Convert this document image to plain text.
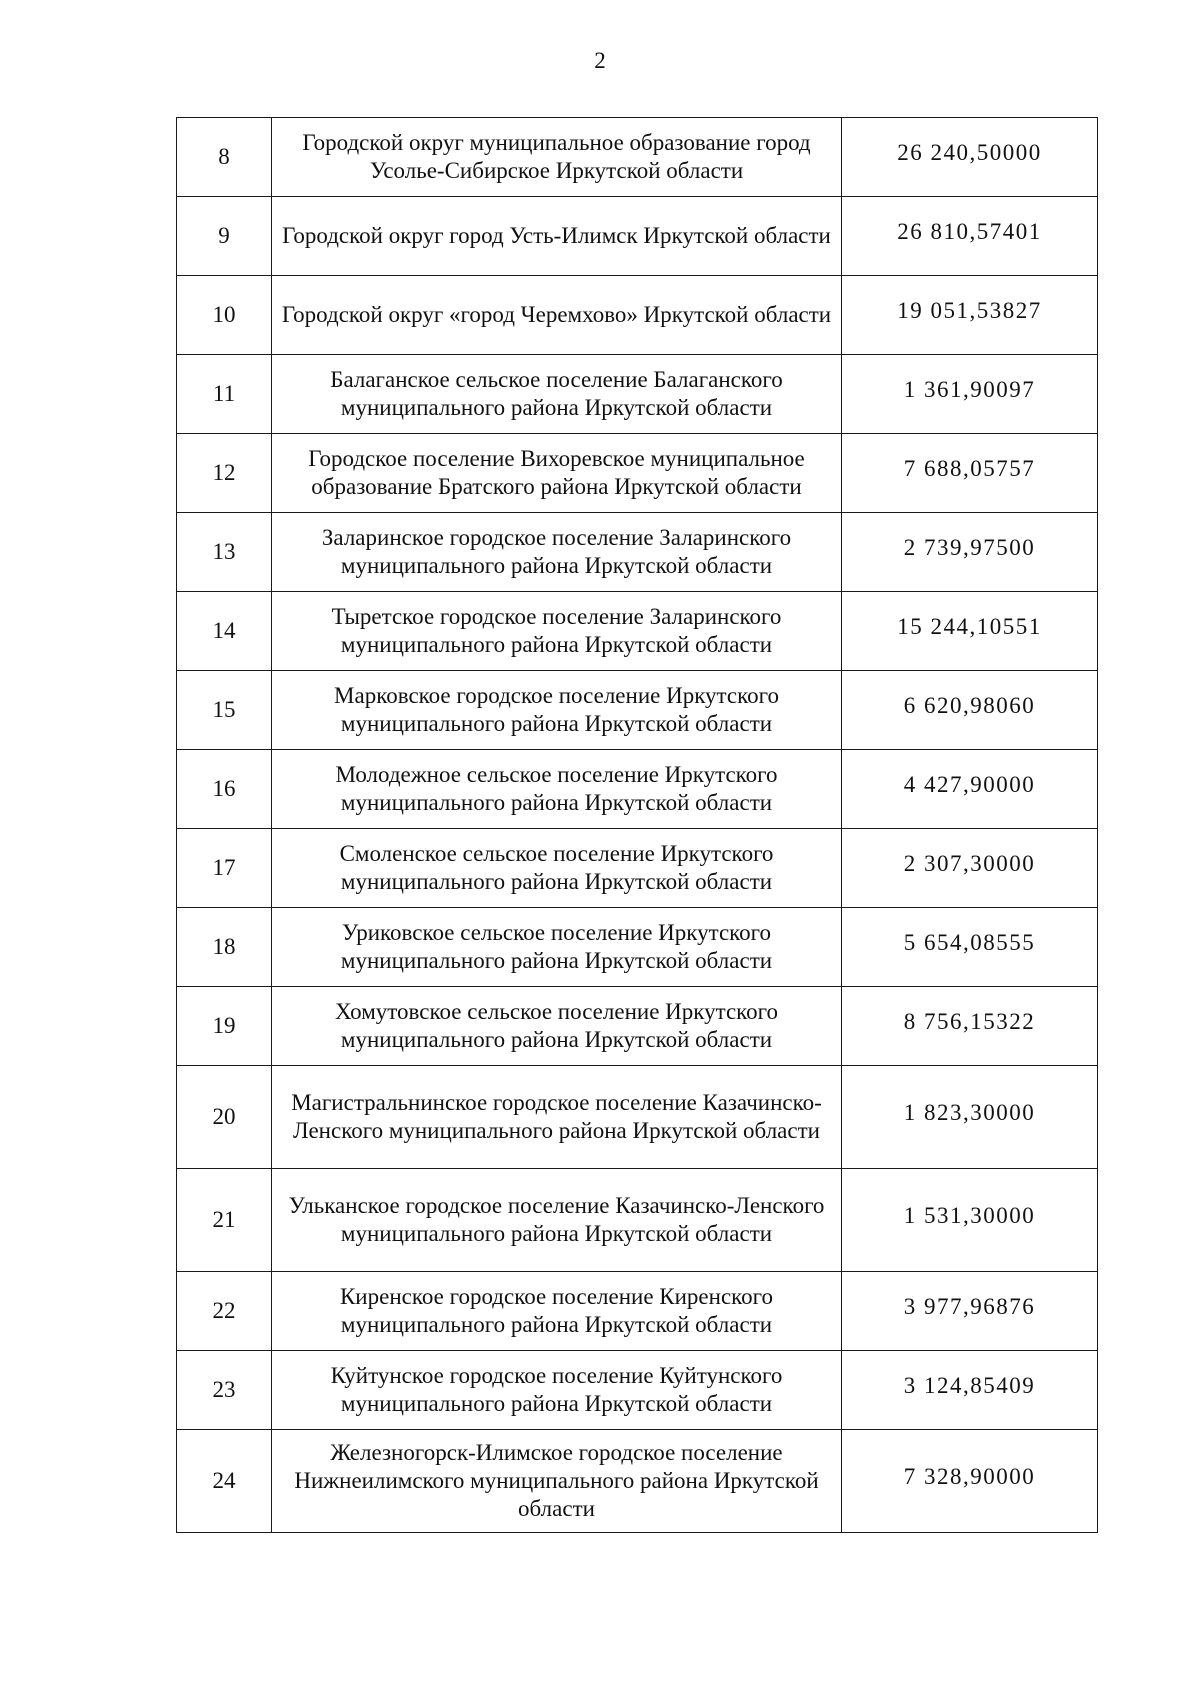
2
8	Городской округ муниципальное образование город Усолье-Сибирское Иркутской области	26 240,50000
9	Городской округ город Усть-Илимск Иркутской области	26 810,57401
10	Городской округ «город Черемхово» Иркутской области	19 051,53827
11	Балаганское сельское поселение Балаганского муниципального района Иркутской области	1 361,90097
12	Городское поселение Вихоревское муниципальное образование Братского района Иркутской области	7 688,05757
13	Заларинское городское поселение Заларинского муниципального района Иркутской области	2 739,97500
14	Тыретское городское поселение Заларинского муниципального района Иркутской области	15 244,10551
15	Марковское городское поселение Иркутского муниципального района Иркутской области	6 620,98060
16	Молодежное сельское поселение Иркутского муниципального района Иркутской области	4 427,90000
17	Смоленское сельское поселение Иркутского муниципального района Иркутской области	2 307,30000
18	Уриковское сельское поселение Иркутского муниципального района Иркутской области	5 654,08555
19	Хомутовское сельское поселение Иркутского муниципального района Иркутской области	8 756,15322
20	Магистральнинское городское поселение Казачинско-Ленского муниципального района Иркутской области	1 823,30000
21	Ульканское городское поселение Казачинско-Ленского муниципального района Иркутской области	1 531,30000
22	Киренское городское поселение Киренского муниципального района Иркутской области	3 977,96876
23	Куйтунское городское поселение Куйтунского муниципального района Иркутской области	3 124,85409
24	Железногорск-Илимское городское поселение Нижнеилимского муниципального района Иркутской области	7 328,90000
